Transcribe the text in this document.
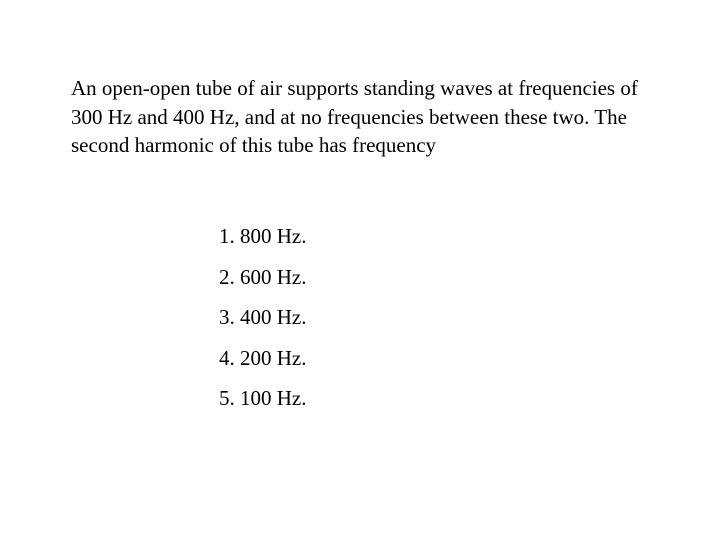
An open-open tube of air supports standing waves at frequencies of 300 Hz and 400 Hz, and at no frequencies between these two. The second harmonic of this tube has frequency

1. 800 Hz.
2. 600 Hz.
3. 400 Hz.
4. 200 Hz.
5. 100 Hz.
